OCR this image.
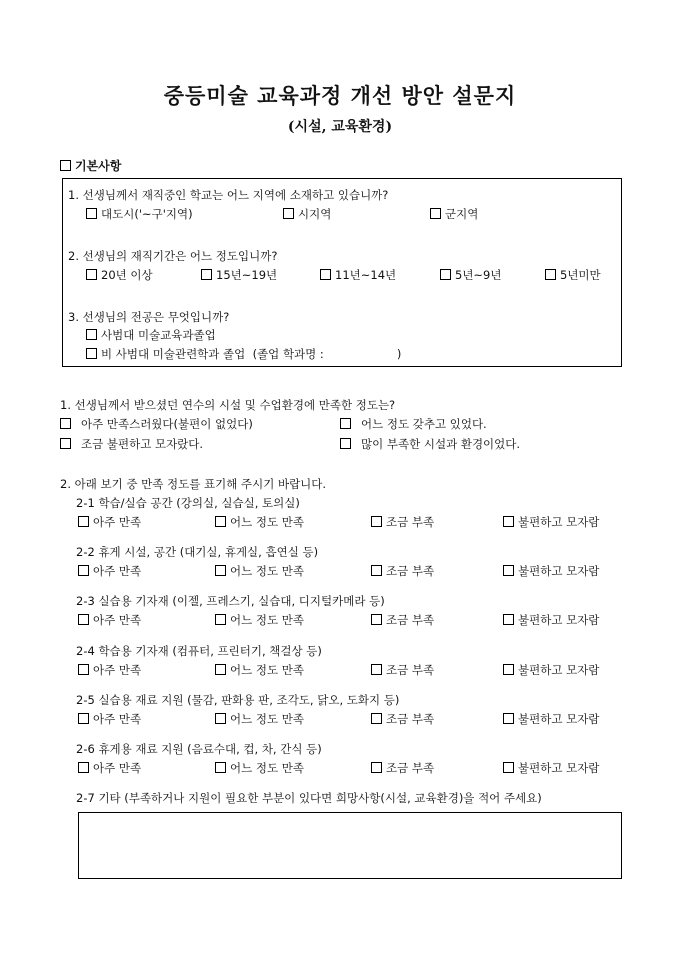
중등미술 교육과정 개선 방안 설문지
(시설, 교육환경)
기본사항
1. 선생님께서 재직중인 학교는 어느 지역에 소재하고 있습니까?
대도시('~구'지역)	시지역	군지역
2. 선생님의 재직기간은 어느 정도입니까?
20년 이상	15년~19년	11년~14년	5년~9년	5년미만
3. 선생님의 전공은 무엇입니까?
사범대 미술교육과졸업
비 사범대 미술관련학과 졸업  (졸업 학과명 :                    )
1. 선생님께서 받으셨던 연수의 시설 및 수업환경에 만족한 정도는?
아주 만족스러웠다(불편이 없었다)	어느 정도 갖추고 있었다.
조금 불편하고 모자랐다.	많이 부족한 시설과 환경이었다.
2. 아래 보기 중 만족 정도를 표기해 주시기 바랍니다.
2-1 학습/실습 공간 (강의실, 실습실, 토의실)
아주 만족	어느 정도 만족	조금 부족	불편하고 모자람
2-2 휴게 시설, 공간 (대기실, 휴게실, 흡연실 등)
아주 만족	어느 정도 만족	조금 부족	불편하고 모자람
2-3 실습용 기자재 (이젤, 프레스기, 실습대, 디지털카메라 등)
아주 만족	어느 정도 만족	조금 부족	불편하고 모자람
2-4 학습용 기자재 (컴퓨터, 프린터기, 책걸상 등)
아주 만족	어느 정도 만족	조금 부족	불편하고 모자람
2-5 실습용 재료 지원 (물감, 판화용 판, 조각도, 닭오, 도화지 등)
아주 만족	어느 정도 만족	조금 부족	불편하고 모자람
2-6 휴게용 재료 지원 (음료수대, 컵, 차, 간식 등)
아주 만족	어느 정도 만족	조금 부족	불편하고 모자람
2-7 기타 (부족하거나 지원이 필요한 부분이 있다면 희망사항(시설, 교육환경)을 적어 주세요)
